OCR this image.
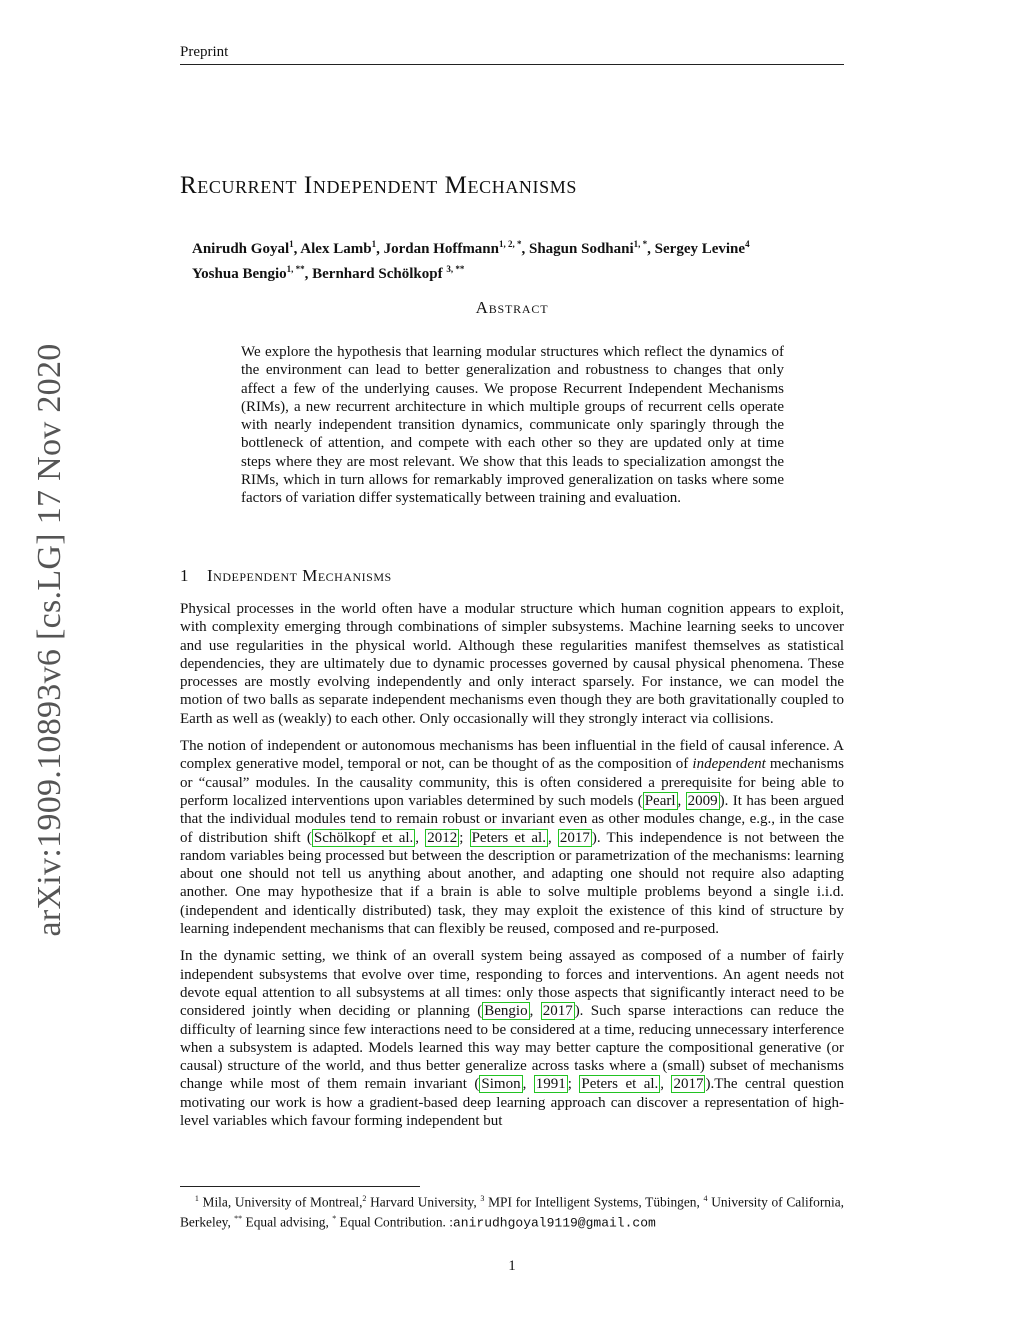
Preprint
arXiv:1909.10893v6 [cs.LG] 17 Nov 2020
Recurrent Independent Mechanisms
Anirudh Goyal$^1$, Alex Lamb$^1$, Jordan Hoffmann$^{1, 2, *}$, Shagun Sodhani$^{1, *}$, Sergey Levine$^4$
Yoshua Bengio$^{1, **}$, Bernhard Schölkopf $^{3, **}$
Abstract
We explore the hypothesis that learning modular structures which reflect the dynamics of the environment can lead to better generalization and robustness to changes that only affect a few of the underlying causes. We propose Recurrent Independent Mechanisms (RIMs), a new recurrent architecture in which multiple groups of recurrent cells operate with nearly independent transition dynamics, communicate only sparingly through the bottleneck of attention, and compete with each other so they are updated only at time steps where they are most relevant. We show that this leads to specialization amongst the RIMs, which in turn allows for remarkably improved generalization on tasks where some factors of variation differ systematically between training and evaluation.
1 Independent Mechanisms

Physical processes in the world often have a modular structure which human cognition appears to exploit, with complexity emerging through combinations of simpler subsystems. Machine learning seeks to uncover and use regularities in the physical world. Although these regularities manifest themselves as statistical dependencies, they are ultimately due to dynamic processes governed by causal physical phenomena. These processes are mostly evolving independently and only interact sparsely. For instance, we can model the motion of two balls as separate independent mechanisms even though they are both gravitationally coupled to Earth as well as (weakly) to each other. Only occasionally will they strongly interact via collisions.

The notion of independent or autonomous mechanisms has been influential in the field of causal inference. A complex generative model, temporal or not, can be thought of as the composition of independent mechanisms or “causal” modules. In the causality community, this is often considered a prerequisite for being able to perform localized interventions upon variables determined by such models ( Pearl , 2009 ). It has been argued that the individual modules tend to remain robust or invariant even as other modules change, e.g., in the case of distribution shift ( Schölkopf et al. , 2012 ; Peters et al. , 2017 ). This independence is not between the random variables being processed but between the description or parametrization of the mechanisms: learning about one should not tell us anything about another, and adapting one should not require also adapting another. One may hypothesize that if a brain is able to solve multiple problems beyond a single i.i.d. (independent and identically distributed) task, they may exploit the existence of this kind of structure by learning independent mechanisms that can flexibly be reused, composed and re-purposed.

In the dynamic setting, we think of an overall system being assayed as composed of a number of fairly independent subsystems that evolve over time, responding to forces and interventions. An agent needs not devote equal attention to all subsystems at all times: only those aspects that significantly interact need to be considered jointly when deciding or planning ( Bengio , 2017 ). Such sparse interactions can reduce the difficulty of learning since few interactions need to be considered at a time, reducing unnecessary interference when a subsystem is adapted. Models learned this way may better capture the compositional generative (or causal) structure of the world, and thus better generalize across tasks where a (small) subset of mechanisms change while most of them remain invariant ( Simon , 1991 ; Peters et al. , 2017 ).The central question motivating our work is how a gradient-based deep learning approach can discover a representation of high-level variables which favour forming independent but

$^1$ Mila, University of Montreal,$^2$ Harvard University, $^3$ MPI for Intelligent Systems, Tübingen, $^4$ University of California, Berkeley, ** Equal advising, * Equal Contribution. :anirudhgoyal9119@gmail.com
1
